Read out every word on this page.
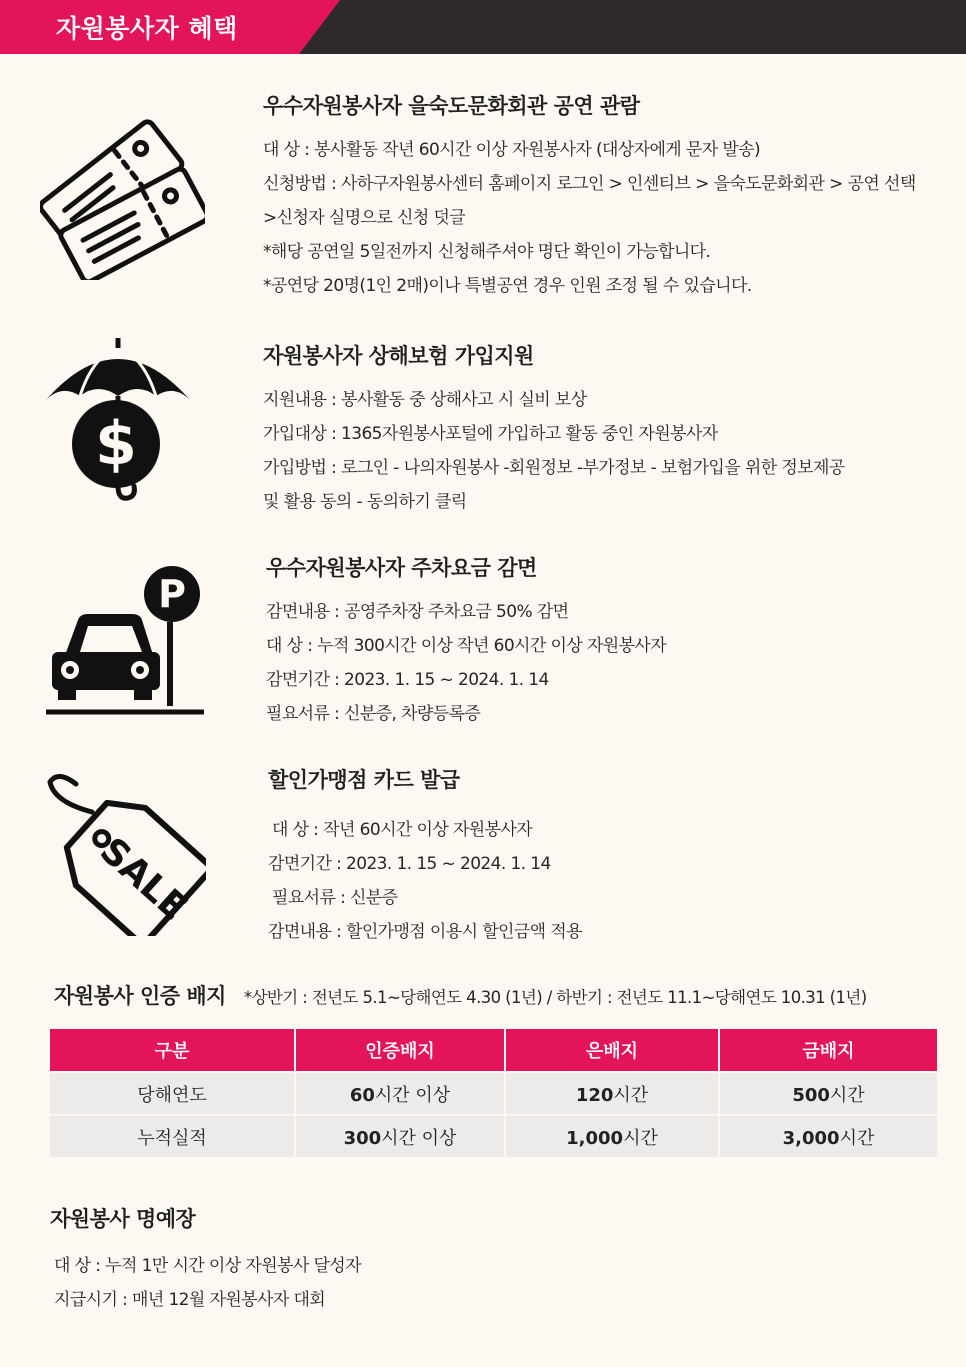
자원봉사자 혜택
$
P
SALE
우수자원봉사자 을숙도문화회관 공연 관람
대 상 : 봉사활동 작년 60시간 이상 자원봉사자 (대상자에게 문자 발송)
신청방법 : 사하구자원봉사센터 홈페이지 로그인 > 인센티브 > 을숙도문화회관 > 공연 선택
>신청자 실명으로 신청 덧글
*해당 공연일 5일전까지 신청해주셔야 명단 확인이 가능합니다.
*공연당 20명(1인 2매)이나 특별공연 경우 인원 조정 될 수 있습니다.
자원봉사자 상해보험 가입지원
지원내용 : 봉사활동 중 상해사고 시 실비 보상
가입대상 : 1365자원봉사포털에 가입하고 활동 중인 자원봉사자
가입방법 : 로그인 - 나의자원봉사 -회원정보 -부가정보 - 보험가입을 위한 정보제공
및 활용 동의 - 동의하기 클릭
우수자원봉사자 주차요금 감면
감면내용 : 공영주차장 주차요금 50% 감면
대 상 : 누적 300시간 이상 작년 60시간 이상 자원봉사자
감면기간 : 2023. 1. 15 ~ 2024. 1. 14
필요서류 : 신분증, 차량등록증
할인가맹점 카드 발급
대 상 : 작년 60시간 이상 자원봉사자
감면기간 : 2023. 1. 15 ~ 2024. 1. 14
필요서류 : 신분증
감면내용 : 할인가맹점 이용시 할인금액 적용
자원봉사 인증 배지 *상반기 : 전년도 5.1~당해연도 4.30 (1년) / 하반기 : 전년도 11.1~당해연도 10.31 (1년)
구분	인증배지	은배지	금배지
당해연도	60시간 이상	120시간	500시간
누적실적	300시간 이상	1,000시간	3,000시간
자원봉사 명예장
대 상 : 누적 1만 시간 이상 자원봉사 달성자
지급시기 : 매년 12월 자원봉사자 대회
